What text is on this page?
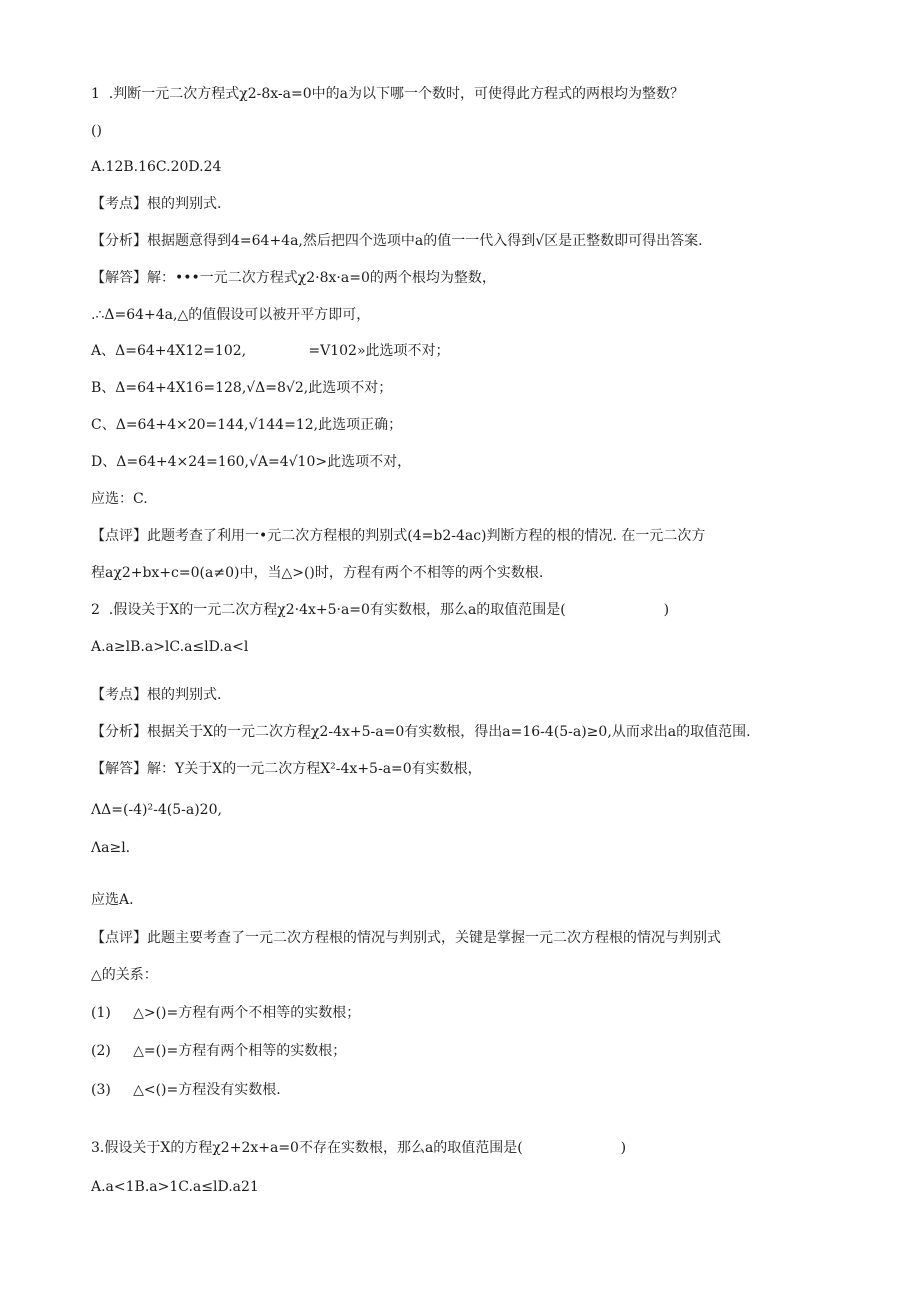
1  .判断一元二次方程式χ2-8x-a=0中的a为以下哪一个数时，可使得此方程式的两根均为整数？
()
A.12B.16C.20D.24
【考点】根的判别式.
【分析】根据题意得到4=64+4a,然后把四个选项中a的值一一代入得到√区是正整数即可得出答案.
【解答】解：•••一元二次方程式χ2·8x·a=0的两个根均为整数，
.∴Δ=64+4a,△的值假设可以被开平方即可，
A、Δ=64+4X12=102,              =V102»此选项不对；
B、Δ=64+4X16=128,√Δ=8√2,此选项不对；
C、Δ=64+4×20=144,√144=12,此选项正确；
D、Δ=64+4×24=160,√A=4√10>此选项不对，
应选：C.
【点评】此题考查了利用一•元二次方程根的判别式(4=b2-4ac)判断方程的根的情况. 在一元二次方
程aχ2+bx+c=0(a≠0)中，当△>()时，方程有两个不相等的两个实数根.
2  .假设关于X的一元二次方程χ2·4x+5·a=0有实数根，那么a的取值范围是(                      )
A.a≥lB.a>lC.a≤lD.a<l
【考点】根的判别式.
【分析】根据关于X的一元二次方程χ2-4x+5-a=0有实数根，得出a=16-4(5-a)≥0,从而求出a的取值范围.
【解答】解：Y关于X的一元二次方程X²-4x+5-a=0有实数根，
ΛΔ=(-4)²-4(5-a)20,
Λa≥l.
应选A.
【点评】此题主要考查了一元二次方程根的情况与判别式，关键是掌握一元二次方程根的情况与判别式
△的关系：
(1)     △>()=方程有两个不相等的实数根；
(2)     △=()=方程有两个相等的实数根；
(3)     △<()=方程没有实数根.
3.假设关于X的方程χ2+2x+a=0不存在实数根，那么a的取值范围是(                      )
A.a<1B.a>1C.a≤lD.a21
